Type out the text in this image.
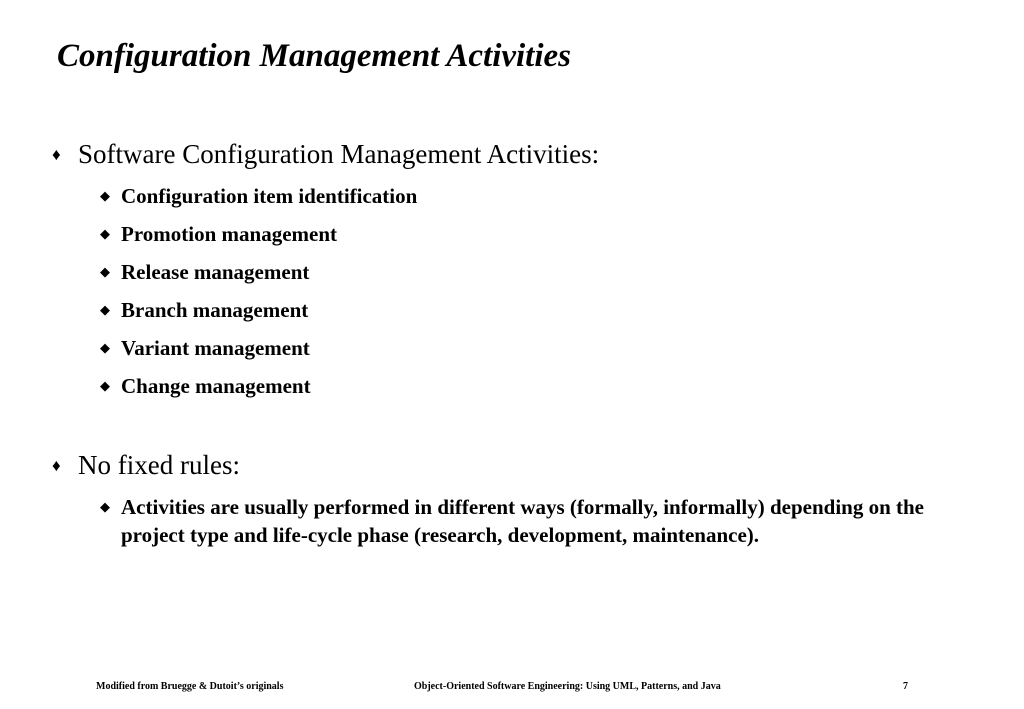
Configuration Management Activities
♦ Software Configuration Management Activities:
◆ Configuration item identification
◆ Promotion management
◆ Release management
◆ Branch management
◆ Variant management
◆ Change management
♦ No fixed rules:
◆ Activities are usually performed in different ways (formally, informally) depending on the project type and life-cycle phase (research, development, maintenance).
Modified from Bruegge & Dutoit’s originals	Object-Oriented Software Engineering: Using UML, Patterns, and Java	7
